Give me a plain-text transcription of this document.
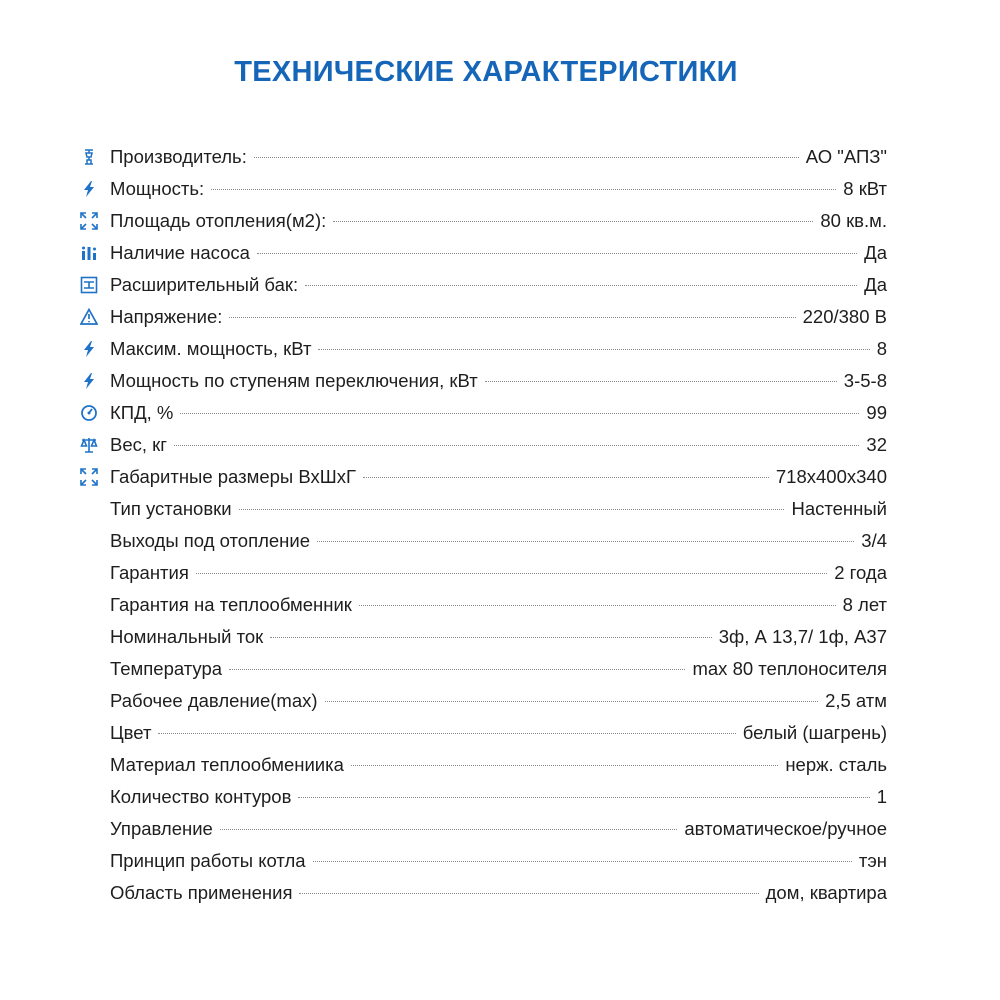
ТЕХНИЧЕСКИЕ ХАРАКТЕРИСТИКИ
Производитель:	АО "АПЗ"
Мощность:	8 кВт
Площадь отопления(м2):	80 кв.м.
Наличие насоса	Да
Расширительный бак:	Да
Напряжение:	220/380 В
Максим. мощность, кВт	8
Мощность по ступеням переключения, кВт	3-5-8
КПД, %	99
Вес, кг	32
Габаритные размеры ВхШхГ	718x400x340
Тип установки	Настенный
Выходы под отопление	3/4
Гарантия	2 года
Гарантия на теплообменник	8 лет
Номинальный ток	3ф, А 13,7/ 1ф, А37
Температура	max 80 теплоносителя
Рабочее давление(max)	2,5 атм
Цвет	белый (шагрень)
Материал теплообмениика	нерж. сталь
Количество контуров	1
Управление	автоматическое/ручное
Принцип работы котла	тэн
Область применения	дом, квартира
